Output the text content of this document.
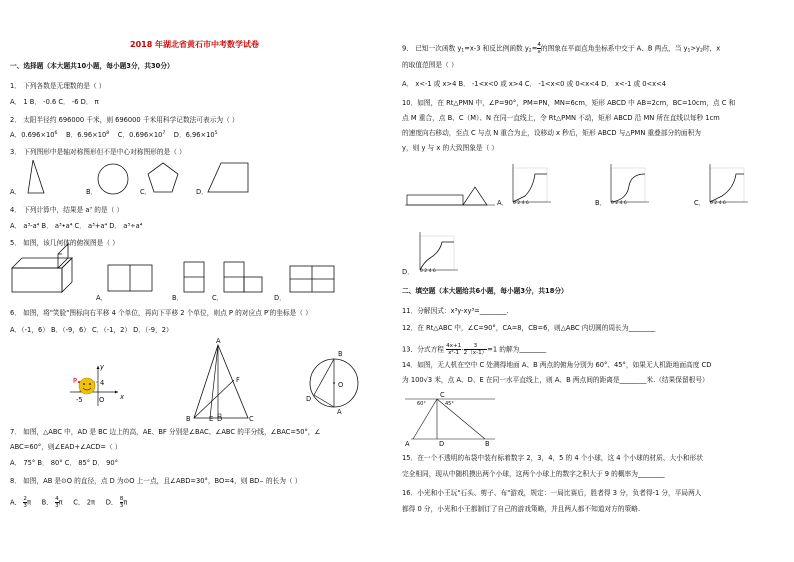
2018 年湖北省黄石市中考数学试卷
一、选择题（本大题共10小题，每小题3分，共30分）
1． 下列各数是无理数的是（ ）
A． 1 B． -0.6 C． -6 D． π
2． 太阳半径约 696000 千米，则 696000 千米用科学记数法可表示为（ ）
A．$0.696\times 10^6$ B．$6.96\times 10^8$ C．$0.696\times 10^7$ D．$6.96\times 10^5$
3． 下列图形中是轴对称图形但不是中心对称图形的是（ ）
A．	B．	C．	D．
4． 下列计算中，结果是 a⁷ 的是（ ）
A． a³-a⁴ B． a³•a⁴ C． a³+a⁴ D． a³÷a⁴
5． 如图，该几何体的俯视图是（ ）
A．	B．	C．	D．
6． 如图，将"笑脸"图标向右平移 4 个单位，再向下平移 2 个单位，则点 P 的对应点 P′的坐标是（ ）
A．（-1，6） B．（-9，6） C．（-1，2） D．（-9，2）
P
y
4
-5 O x
A
B	C
D
E
F
B
A
D
O
7． 如图，△ABC 中，AD 是 BC 边上的高，AE、BF 分别是∠BAC、∠ABC 的平分线，∠BAC=50°，∠
ABC=60°，则∠EAD+∠ACD=（ ）
A． 75° B． 80° C． 85° D． 90°
8． 如图，AB 是⊙O 的直径，点 D 为⊙O 上一点，且∠ABD=30°，BO=4，则 BD⌢ 的长为（ ）
A． $\frac{2}{3}$ π B． $\frac{4}{3}$ π C． 2π D． $\frac{8}{3}$ π
9． 已知一次函数 $y_1=x-3$ 和反比例函数 $y_2= \frac{4}{x}$ 的图象在平面直角坐标系中交于 A、B 两点，当 $y_1>y_2$时，x
的取值范围是（ ）
A． x<-1 或 x>4 B． -1<x<0 或 x>4 C． -1<x<0 或 0<x<4 D． x<-1 或 0<x<4
10．如图，在 Rt△PMN 中，∠P=90°，PM=PN，MN=6cm，矩形 ABCD 中 AB=2cm，BC=10cm，点 C 和
点 M 重合，点 B、C（M）、N 在同一直线上，令 Rt△PMN 不动，矩形 ABCD 沿 MN 所在直线以每秒 1cm
的速度向右移动，至点 C 与点 N 重合为止，设移动 x 秒后，矩形 ABCD 与△PMN 重叠部分的面积为
y，则 y 与 x 的大致图象是（ ）
A．	B．	C．
D．
0 2 4 6	0 2 4 6	0 2 4 6
0 2 4 6
二、填空题（本大题给共6小题，每小题3分，共18分）
11．分解因式：x³y-xy³=________.
12．在 Rt△ABC 中，∠C=90°，CA=8，CB=6，则△ABC 内切圆的周长为________
13．分式方程 $\frac{4x+1}{\text{x²-1}} - \frac{3}{2(x-1)} =1$ 的解为________
14．如图，无人机在空中 C 处测得地面 A、B 两点的俯角分别为 60°、45°，如果无人机距地面高度 CD
为 100√3 米，点 A、D、E 在同一水平直线上，则 A、B 两点间的距离是________米.（结果保留根号）
C
60°	45°
A	D	B
15．在一个不透明的布袋中装有标着数字 2，3，4，5 的 4 个小球，这 4 个小球的材质、大小和形状
完全相同，现从中随机摸出两个小球，这两个小球上的数字之积大于 9 的概率为________
16．小光和小王玩"石头、剪子、布"游戏，规定：一局比赛后，胜者得 3 分，负者得-1 分，平局两人
都得 0 分，小光和小王都制订了自己的游戏策略，并且两人都不知道对方的策略.
